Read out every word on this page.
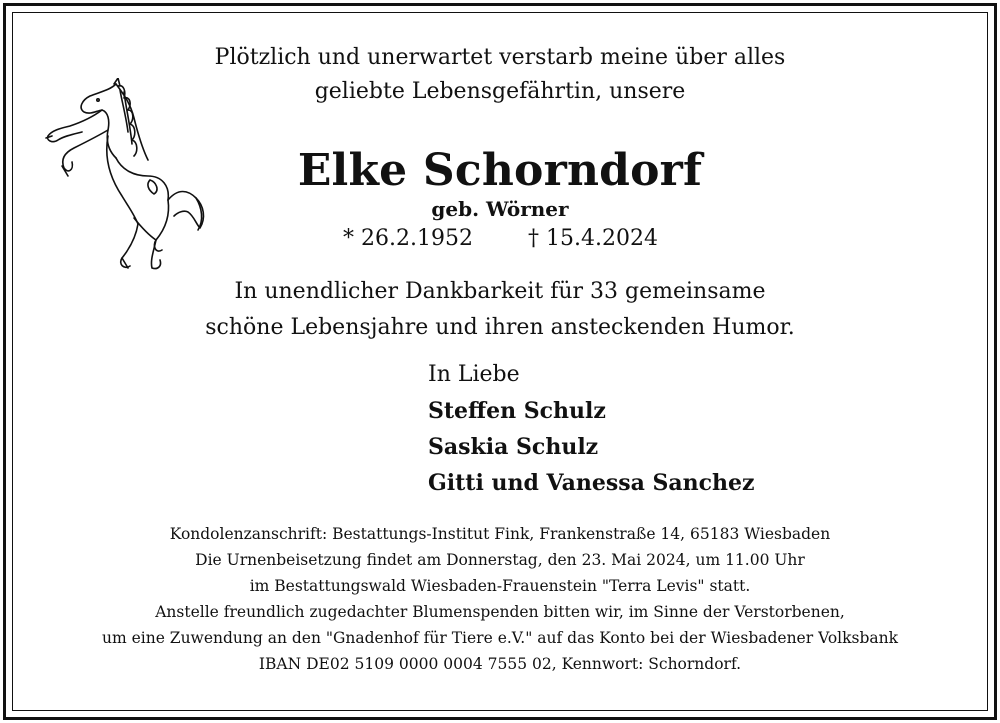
Plötzlich und unerwartet verstarb meine über alles
geliebte Lebensgefährtin, unsere
Elke Schorndorf
geb. Wörner
* 26.2.1952	† 15.4.2024
In unendlicher Dankbarkeit für 33 gemeinsame
schöne Lebensjahre und ihren ansteckenden Humor.
In Liebe
Steffen Schulz
Saskia Schulz
Gitti und Vanessa Sanchez
Kondolenzanschrift: Bestattungs-Institut Fink, Frankenstraße 14, 65183 Wiesbaden
Die Urnenbeisetzung findet am Donnerstag, den 23. Mai 2024, um 11.00 Uhr
im Bestattungswald Wiesbaden-Frauenstein "Terra Levis" statt.
Anstelle freundlich zugedachter Blumenspenden bitten wir, im Sinne der Verstorbenen,
um eine Zuwendung an den "Gnadenhof für Tiere e.V." auf das Konto bei der Wiesbadener Volksbank
IBAN DE02 5109 0000 0004 7555 02, Kennwort: Schorndorf.
